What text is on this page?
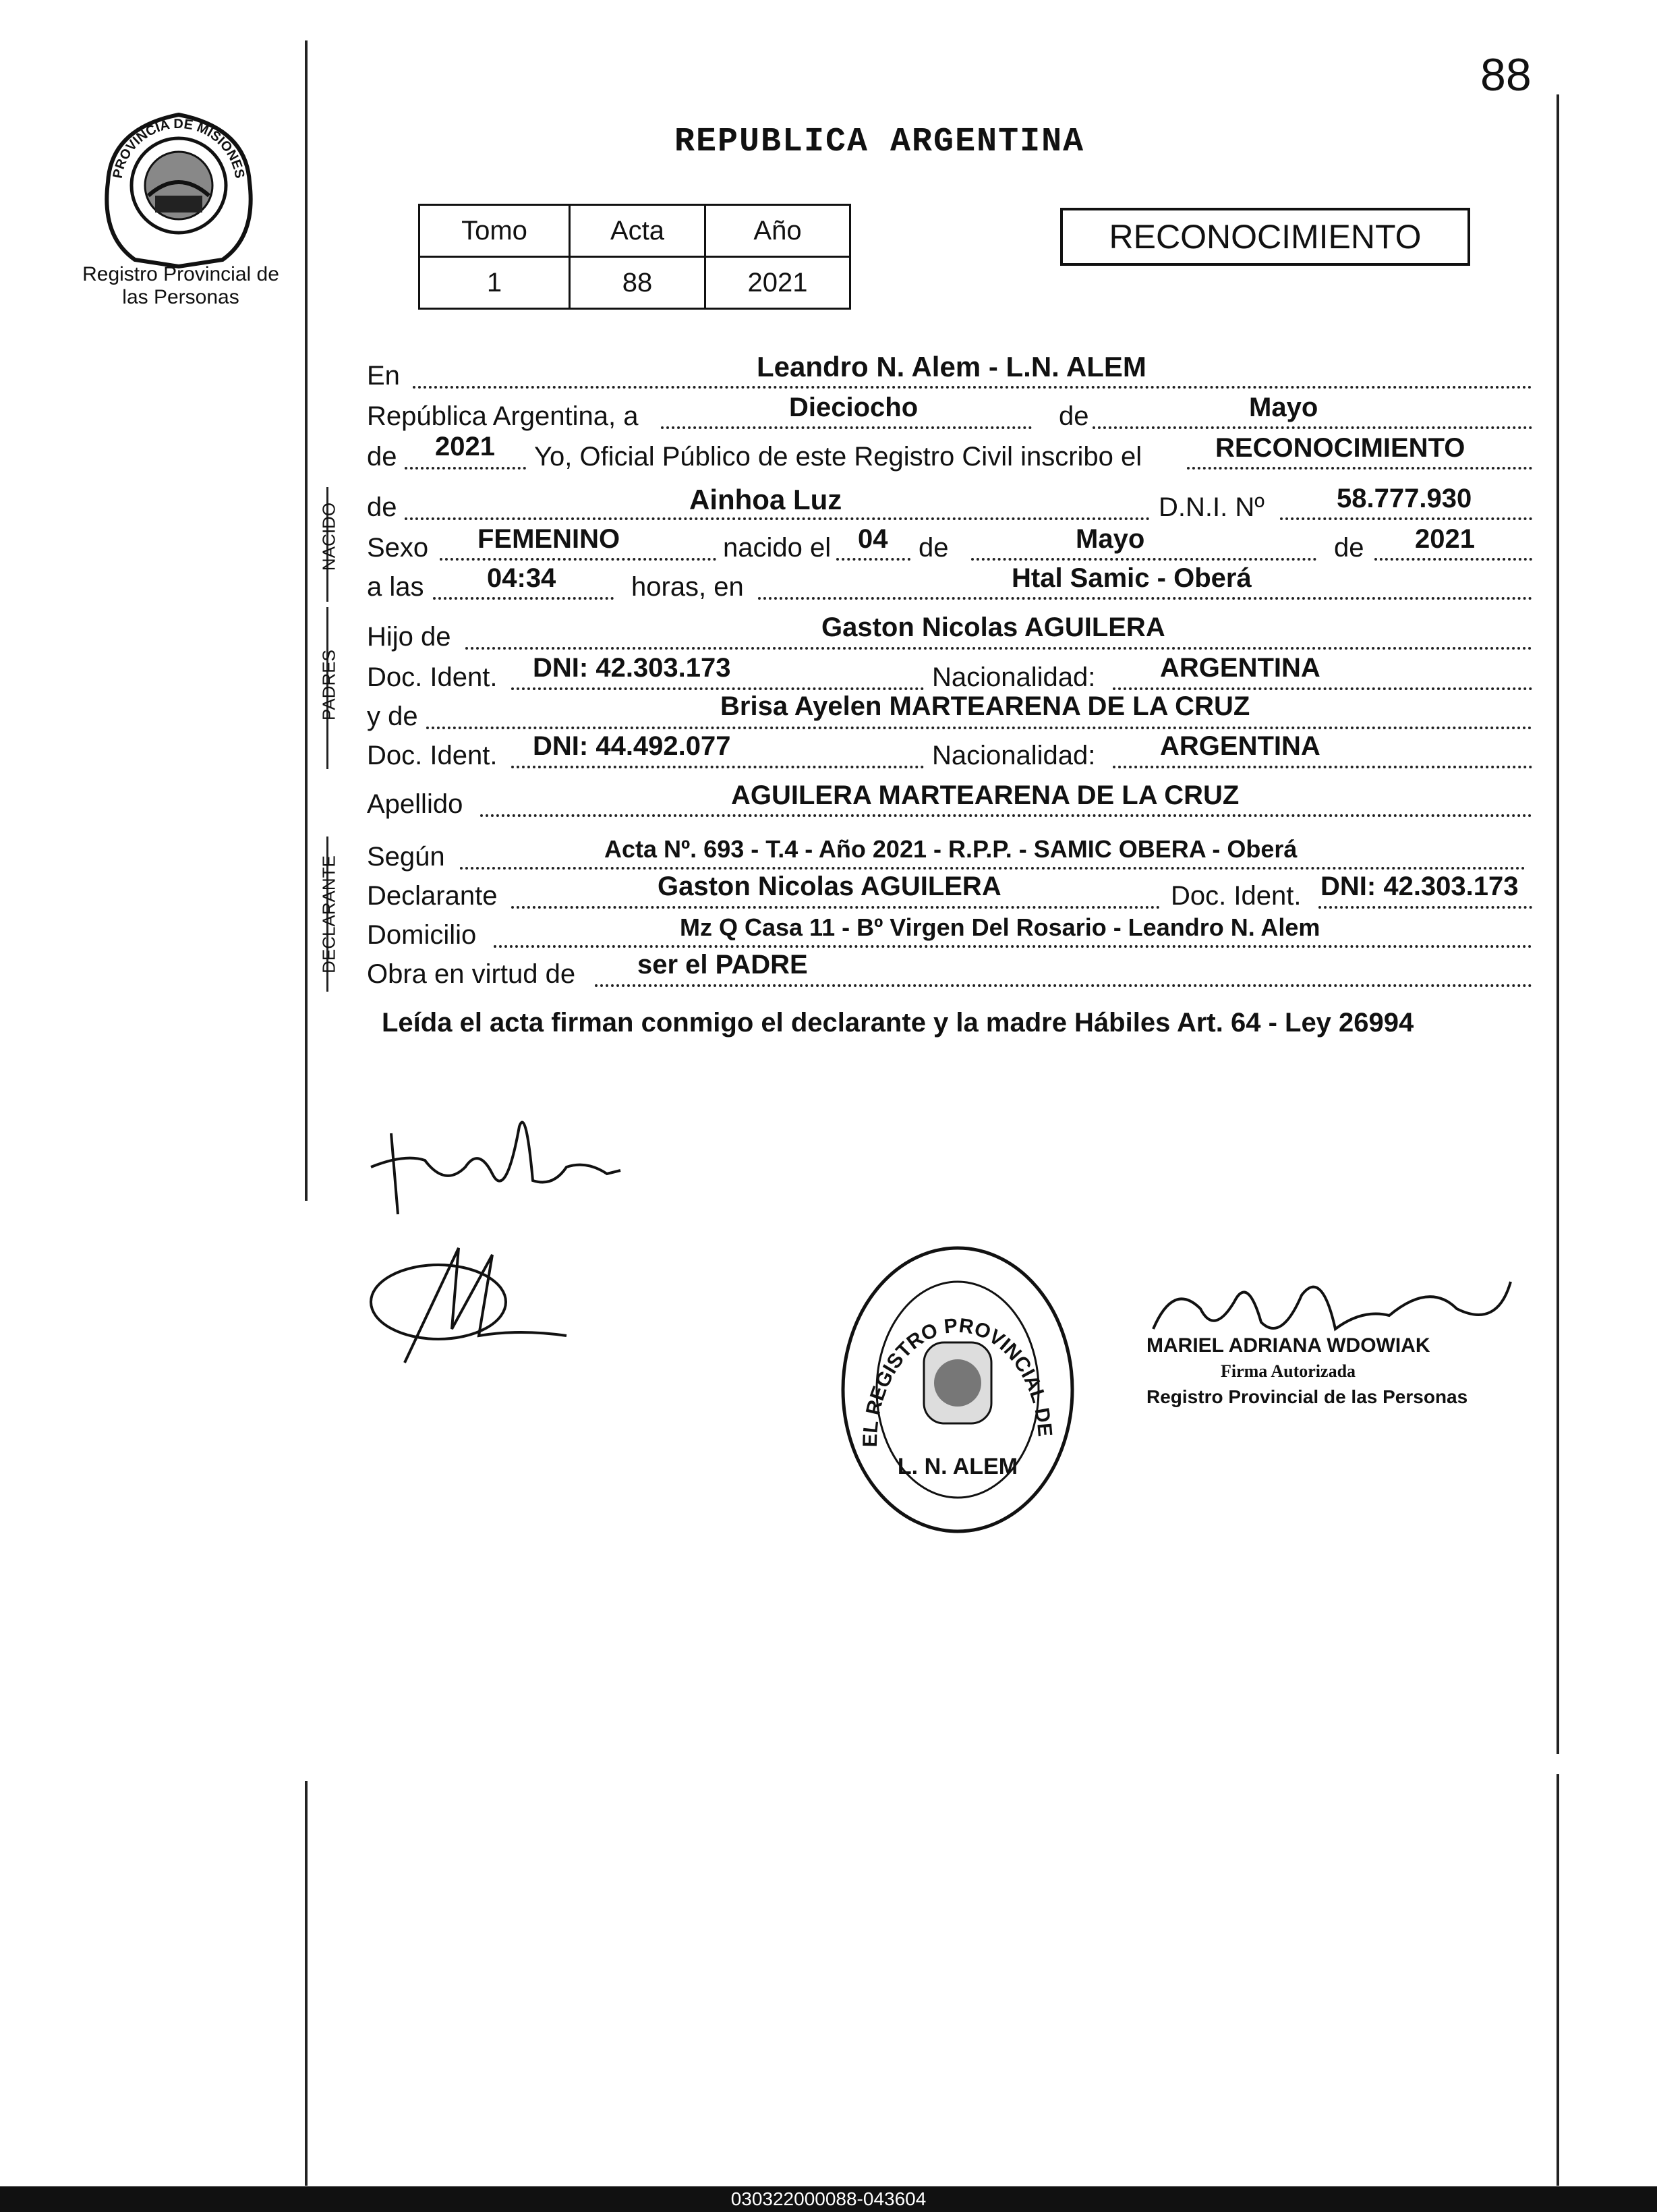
88
PROVINCIA DE MISIONES
Registro Provincial de las Personas
REPUBLICA ARGENTINA
Tomo	Acta	Año
1	88	2021
RECONOCIMIENTO
En	Leandro N. Alem - L.N. ALEM
República Argentina, a	Dieciocho	de	Mayo
de 2021 Yo, Oficial Público de este Registro Civil inscribo el	RECONOCIMIENTO
NACIDO de	Ainhoa Luz	D.N.I. Nº	58.777.930
Sexo FEMENINO	nacido el 04 de	Mayo	de 2021
a las 04:34	horas, en	Htal Samic - Oberá
PADRES
Hijo de	Gaston Nicolas AGUILERA
Doc. Ident. DNI: 42.303.173	Nacionalidad: ARGENTINA
y de	Brisa Ayelen MARTEARENA DE LA CRUZ
Doc. Ident. DNI: 44.492.077	Nacionalidad: ARGENTINA
Apellido	AGUILERA MARTEARENA DE LA CRUZ
DECLARANTE Según	Acta Nº. 693 - T.4 - Año 2021 - R.P.P. - SAMIC OBERA - Oberá
Declarante	Gaston Nicolas AGUILERA	Doc. Ident. DNI: 42.303.173
Domicilio	Mz Q Casa 11 - Bº Virgen Del Rosario - Leandro N. Alem
Obra en virtud de ser el PADRE
Leída el acta firman conmigo el declarante y la madre Hábiles Art. 64 - Ley 26994
EL REGISTRO PROVINCIAL DE
L. N. ALEM
MARIEL ADRIANA WDOWIAK
Firma Autorizada
Registro Provincial de las Personas
030322000088-043604
